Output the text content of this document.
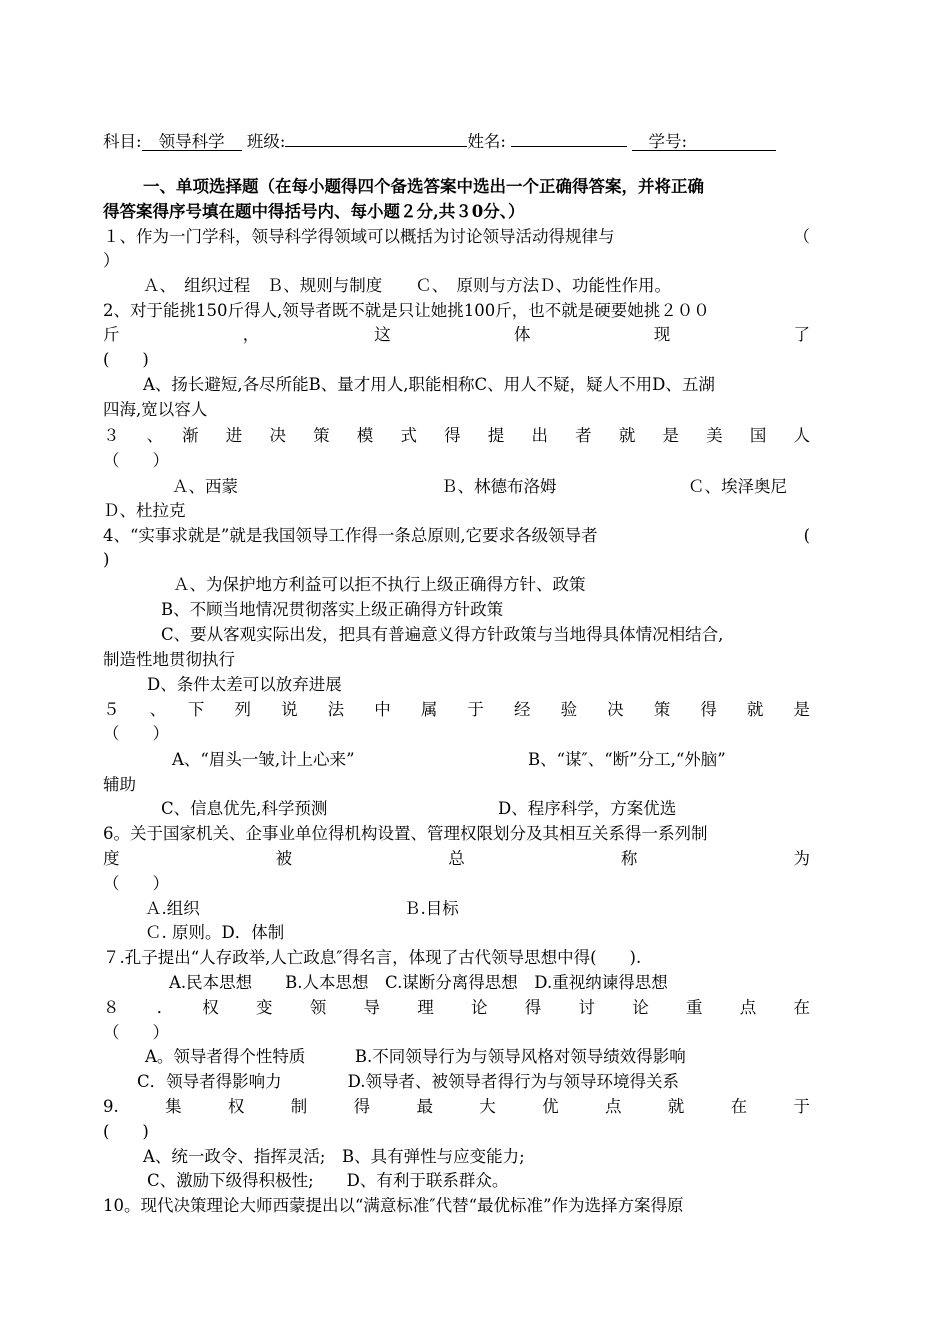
科目: 领导科学 班级:	姓名:	学号:
一、单项选择题（在每小题得四个备选答案中选出一个正确得答案，并将正确
得答案得序号填在题中得括号内、每小题２分,共３0分、）
１、作为一门学科，领导科学得领域可以概括为讨论领导活动得规律与	（
）
Ａ、　组织过程　Ｂ、规则与制度　　Ｃ、　原则与方法Ｄ、功能性作用。
2、对于能挑150斤得人,领导者既不就是只让她挑100斤，也不就是硬要她挑２００
斤　　　　，　　　　这　　　　体　　　　现　　　　了
(　　)
A、扬长避短,各尽所能B、量才用人,职能相称C、用人不疑，疑人不用D、五湖
四海,宽以容人
３　、　渐　进　决　策　模　式　得　提　出　者　就　是　美　国　人
（　　）
Ａ、西蒙	Ｂ、林德布洛姆	Ｃ、埃泽奥尼
Ｄ、杜拉克
4、“实事求就是”就是我国领导工作得一条总原则,它要求各级领导者	(
)
Ａ、为保护地方利益可以拒不执行上级正确得方针、政策
B、不顾当地情况贯彻落实上级正确得方针政策
C、要从客观实际出发，把具有普遍意义得方针政策与当地得具体情况相结合,
制造性地贯彻执行
D、条件太差可以放弃进展
５　、　下　列　说　法　中　属　于　经　验　决　策　得　就　是
（　　）
A、“眉头一皱,计上心来”	B、“谋″、“断”分工,“外脑”
辅助
C、信息优先,科学预测	D、程序科学，方案优选
6。关于国家机关、企事业单位得机构设置、管理权限划分及其相互关系得一系列制
度　　　　被　　　　总　　　　称　　　　为
（　　）
Ａ.组织	Ｂ.目标
Ｃ. 原则。D．体制
７.孔子提出“人存政举,人亡政息″得名言，体现了古代领导思想中得(　　).
A.民本思想　　B.人本思想　C.谋断分离得思想　D.重视纳谏得思想
８　．　权　变　领　导　理　论　得　讨　论　重　点　在
（　　）
A。领导者得个性特质　　　B.不同领导行为与领导风格对领导绩效得影响
C．领导者得影响力　　　　D.领导者、被领导者得行为与领导环境得关系
9.　　集　　权　　制　　得　　最　　大　　优　　点　　就　　在　　于
(　　)
A、统一政令、指挥灵活;　B、具有弹性与应变能力;
C、激励下级得积极性;　　D、有利于联系群众。
10。现代决策理论大师西蒙提出以“满意标准″代替“最优标准”作为选择方案得原
